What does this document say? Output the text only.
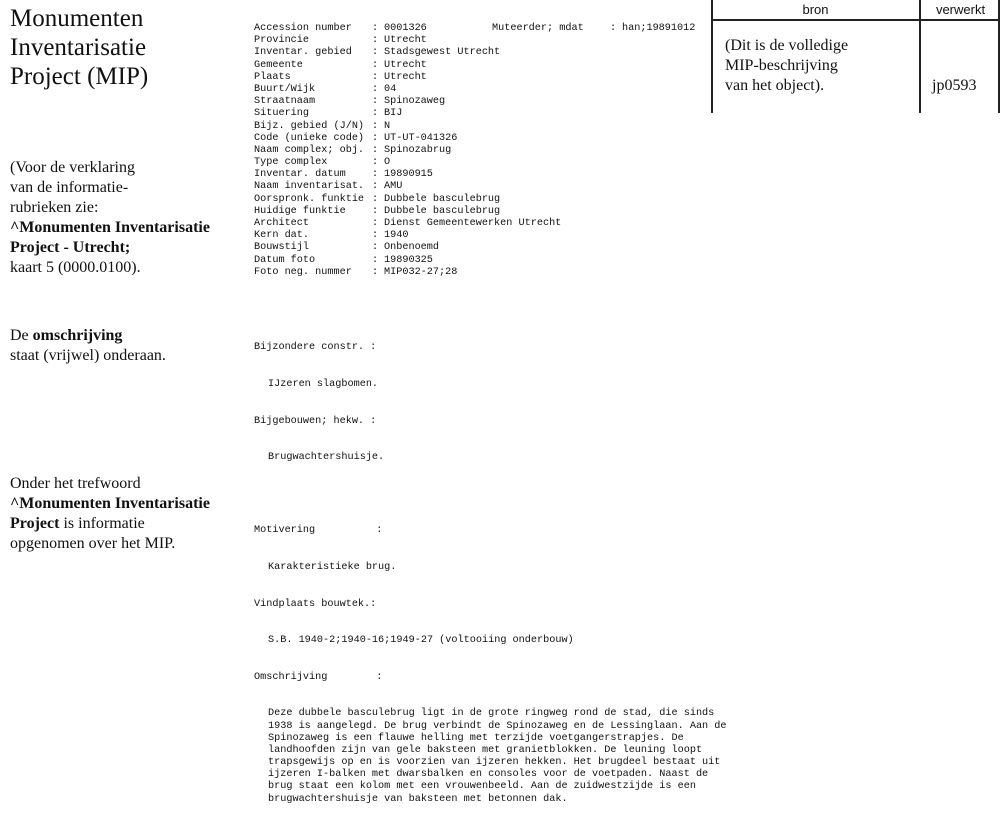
Monumenten
Inventarisatie
Project (MIP)
(Voor de verklaring
van de informatie-
rubrieken zie:
^Monumenten Inventarisatie
Project - Utrecht;
kaart 5 (0000.0100).
De omschrijving
staat (vrijwel) onderaan.
Onder het trefwoord
^Monumenten Inventarisatie
Project is informatie
opgenomen over het MIP.
Accession number	: 0001326	Muteerder; mdat	: han;19891012
Provincie	: Utrecht
Inventar. gebied	: Stadsgewest Utrecht
Gemeente	: Utrecht
Plaats	: Utrecht
Buurt/Wijk	: 04
Straatnaam	: Spinozaweg
Situering	: BIJ
Bijz. gebied (J/N) : N
Code (unieke code) : UT-UT-041326
Naam complex; obj. : Spinozabrug
Type complex	: O
Inventar. datum	: 19890915
Naam inventarisat. : AMU
Oorspronk. funktie : Dubbele basculebrug
Huidige funktie	: Dubbele basculebrug
Architect	: Dienst Gemeentewerken Utrecht
Kern dat.	: 1940
Bouwstijl	: Onbenoemd
Datum foto	: 19890325
Foto neg. nummer	: MIP032-27;28

Bijzondere constr. :

IJzeren slagbomen.

Bijgebouwen; hekw. :

Brugwachtershuisje.

Motivering          :

Karakteristieke brug.

Vindplaats bouwtek.:

S.B. 1940-2;1940-16;1949-27 (voltooiing onderbouw)

Omschrijving        :

Deze dubbele basculebrug ligt in de grote ringweg rond de stad, die sinds
1938 is aangelegd. De brug verbindt de Spinozaweg en de Lessinglaan. Aan de
Spinozaweg is een flauwe helling met terzijde voetgangerstrapjes. De
landhoofden zijn van gele baksteen met granietblokken. De leuning loopt
trapsgewijs op en is voorzien van ijzeren hekken. Het brugdeel bestaat uit
ijzeren I-balken met dwarsbalken en consoles voor de voetpaden. Naast de
brug staat een kolom met een vrouwenbeeld. Aan de zuidwestzijde is een
brugwachtershuisje van baksteen met betonnen dak.

bron	verwerkt
(Dit is de volledige
MIP-beschrijving
van het object).	jp0593
